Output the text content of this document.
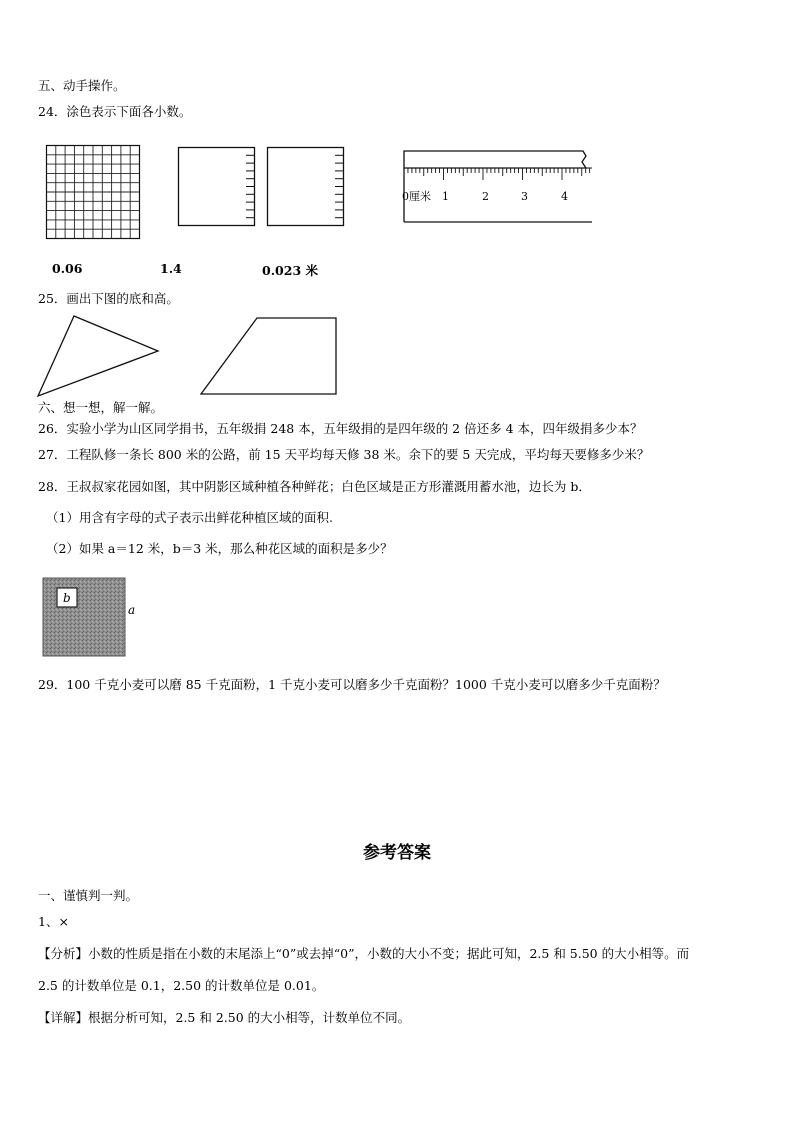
五、动手操作。
24．涂色表示下面各小数。
0厘米 1	2	3	4
0.06	1.4	0.023 米
25．画出下图的底和高。
六、想一想，解一解。
26．实验小学为山区同学捐书，五年级捐 248 本，五年级捐的是四年级的 2 倍还多 4 本，四年级捐多少本？
27．工程队修一条长 800 米的公路，前 15 天平均每天修 38 米。余下的要 5 天完成，平均每天要修多少米？
28．王叔叔家花园如图，其中阴影区域种植各种鲜花；白色区域是正方形灌溉用蓄水池，边长为 b．
（1）用含有字母的式子表示出鲜花种植区域的面积.
（2）如果 a＝12 米，b＝3 米，那么种花区域的面积是多少？
b
a
29．100 千克小麦可以磨 85 千克面粉，1 千克小麦可以磨多少千克面粉？1000 千克小麦可以磨多少千克面粉？
参考答案
一、谨慎判一判。
1、×
【分析】小数的性质是指在小数的末尾添上“0”或去掉“0”，小数的大小不变；据此可知，2.5 和 5.50 的大小相等。而
2.5 的计数单位是 0.1，2.50 的计数单位是 0.01。
【详解】根据分析可知，2.5 和 2.50 的大小相等，计数单位不同。
